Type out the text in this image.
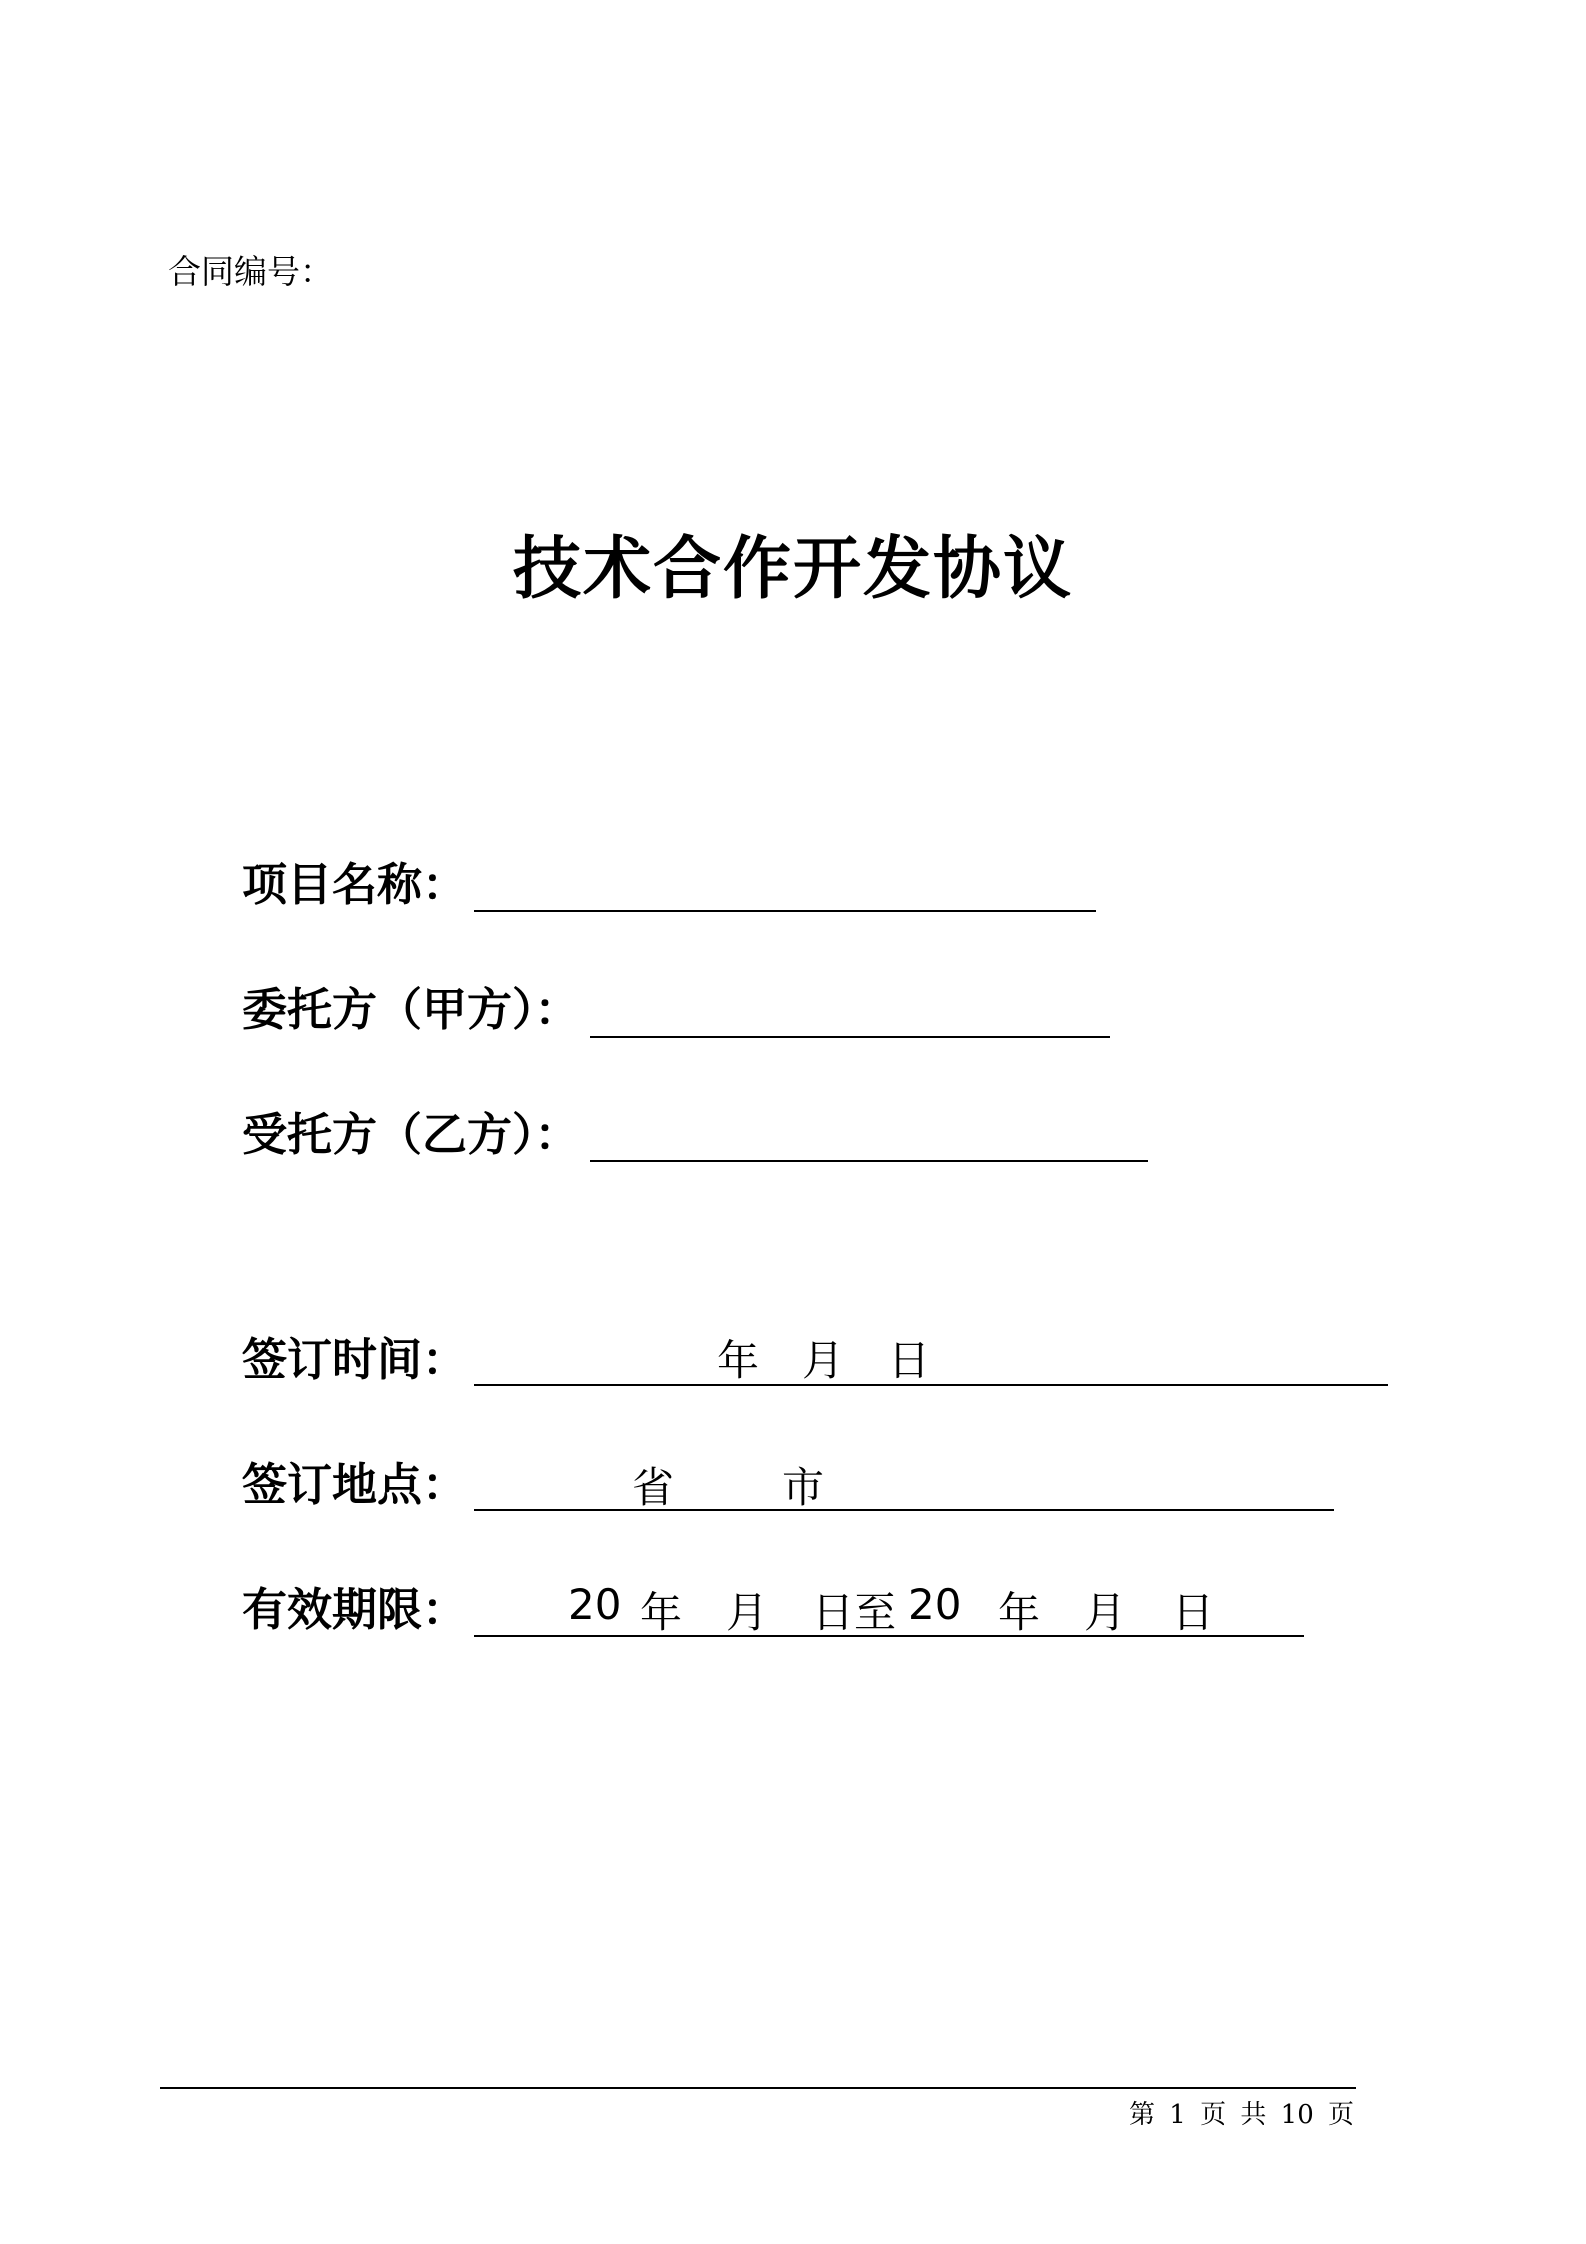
合同编号：
技术合作开发协议
项目名称：
委托方（甲方）：
受托方（乙方）：
签订时间：	年 月 日
签订地点：	省	市
有效期限： 20 年 月 日至 20 年 月 日
第 1 页 共 10 页
